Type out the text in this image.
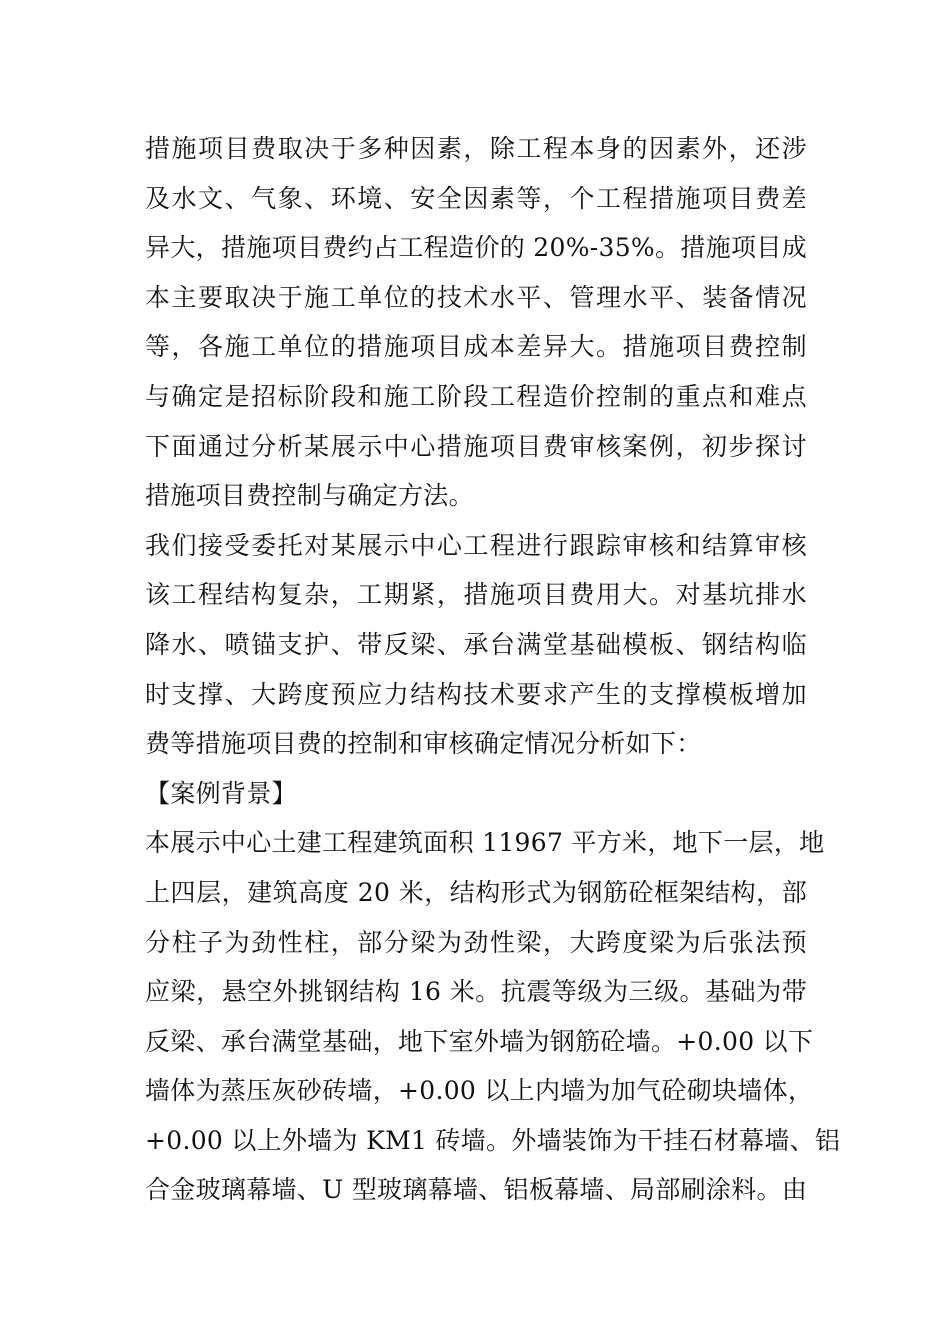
措施项目费取决于多种因素，除工程本身的因素外，还涉
及水文、气象、环境、安全因素等，个工程措施项目费差
异大，措施项目费约占工程造价的 20%-35%。措施项目成
本主要取决于施工单位的技术水平、管理水平、装备情况
等，各施工单位的措施项目成本差异大。措施项目费控制
与确定是招标阶段和施工阶段工程造价控制的重点和难点
下面通过分析某展示中心措施项目费审核案例，初步探讨
措施项目费控制与确定方法。
我们接受委托对某展示中心工程进行跟踪审核和结算审核
该工程结构复杂，工期紧，措施项目费用大。对基坑排水
降水、喷锚支护、带反梁、承台满堂基础模板、钢结构临
时支撑、大跨度预应力结构技术要求产生的支撑模板增加
费等措施项目费的控制和审核确定情况分析如下：
【案例背景】
本展示中心土建工程建筑面积 11967 平方米，地下一层，地
上四层，建筑高度 20 米，结构形式为钢筋砼框架结构，部
分柱子为劲性柱，部分梁为劲性梁，大跨度梁为后张法预
应梁，悬空外挑钢结构 16 米。抗震等级为三级。基础为带
反梁、承台满堂基础，地下室外墙为钢筋砼墙。+0.00 以下
墙体为蒸压灰砂砖墙，+0.00 以上内墙为加气砼砌块墙体，
+0.00 以上外墙为 KM1 砖墙。外墙装饰为干挂石材幕墙、铝
合金玻璃幕墙、U 型玻璃幕墙、铝板幕墙、局部刷涂料。由
